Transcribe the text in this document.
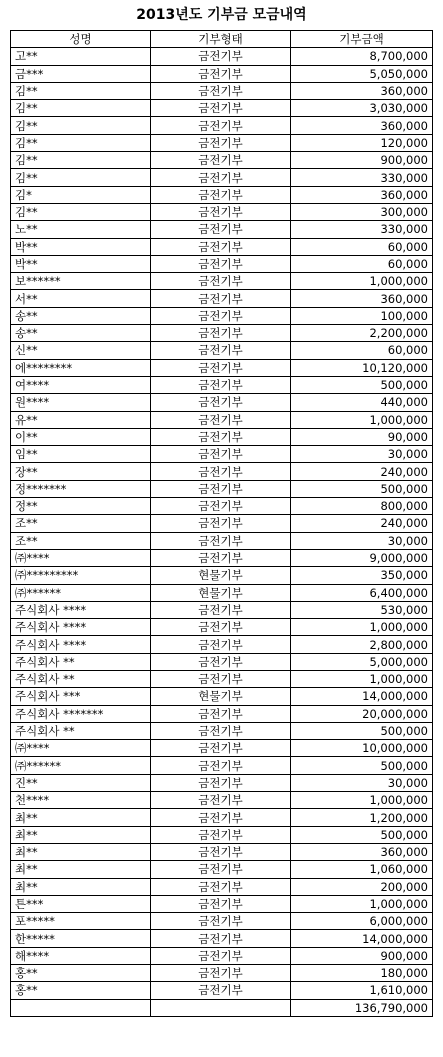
2013년도 기부금 모금내역
성명	기부형태	기부금액
고**	금전기부	8,700,000
금***	금전기부	5,050,000
김**	금전기부	360,000
김**	금전기부	3,030,000
김**	금전기부	360,000
김**	금전기부	120,000
김**	금전기부	900,000
김**	금전기부	330,000
김*	금전기부	360,000
김**	금전기부	300,000
노**	금전기부	330,000
박**	금전기부	60,000
박**	금전기부	60,000
보******	금전기부	1,000,000
서**	금전기부	360,000
송**	금전기부	100,000
송**	금전기부	2,200,000
신**	금전기부	60,000
에********	금전기부	10,120,000
여****	금전기부	500,000
원****	금전기부	440,000
유**	금전기부	1,000,000
이**	금전기부	90,000
임**	금전기부	30,000
장**	금전기부	240,000
정*******	금전기부	500,000
정**	금전기부	800,000
조**	금전기부	240,000
조**	금전기부	30,000
㈜****	금전기부	9,000,000
㈜*********	현물기부	350,000
㈜******	현물기부	6,400,000
주식회사 ****	금전기부	530,000
주식회사 ****	금전기부	1,000,000
주식회사 ****	금전기부	2,800,000
주식회사 **	금전기부	5,000,000
주식회사 **	금전기부	1,000,000
주식회사 ***	현물기부	14,000,000
주식회사 *******	금전기부	20,000,000
주식회사 **	금전기부	500,000
㈜****	금전기부	10,000,000
㈜******	금전기부	500,000
진**	금전기부	30,000
천****	금전기부	1,000,000
최**	금전기부	1,200,000
최**	금전기부	500,000
최**	금전기부	360,000
최**	금전기부	1,060,000
최**	금전기부	200,000
튼***	금전기부	1,000,000
포*****	금전기부	6,000,000
한*****	금전기부	14,000,000
해****	금전기부	900,000
홍**	금전기부	180,000
홍**	금전기부	1,610,000
		136,790,000
